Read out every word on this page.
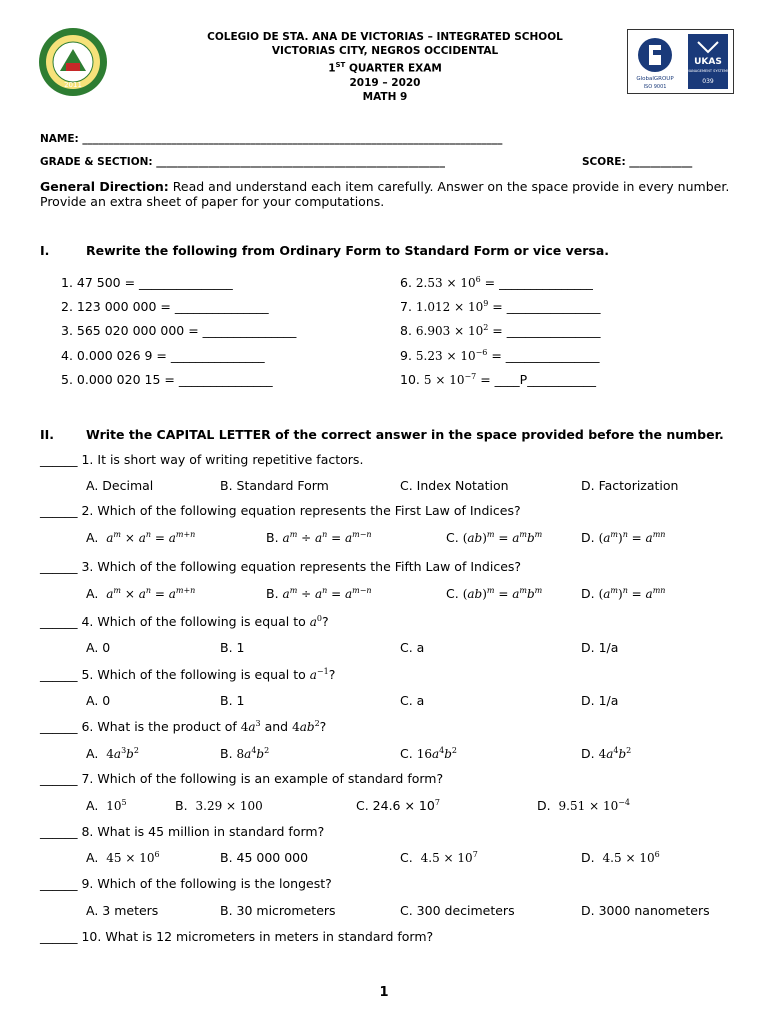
2011
COLEGIO DE STA. ANA DE VICTORIAS – INTEGRATED SCHOOL
VICTORIAS CITY, NEGROS OCCIDENTAL
1ST QUARTER EXAM
2019 – 2020
MATH 9
GlobalGROUP
ISO 9001
UKAS
MANAGEMENT SYSTEMS
039
NAME: ________________________________________________________________________________
GRADE & SECTION: _______________________________________________________	SCORE: ____________
General Direction: Read and understand each item carefully. Answer on the space provide in every number. Provide an extra sheet of paper for your computations.
I.	Rewrite the following from Ordinary Form to Standard Form or vice versa.
1. 47 500 = _______________
2. 123 000 000 = _______________
3. 565 020 000 000 = _______________
4. 0.000 026 9 = _______________
5. 0.000 020 15 = _______________
6. $2.53 \times 10^6$ = _______________
7. $1.012 \times 10^9$ = _______________
8. $6.903 \times 10^2$ = _______________
9. $5.23 \times 10^{-6}$ = _______________
10. $5 \times 10^{-7}$ = ____P___________
II.	Write the CAPITAL LETTER of the correct answer in the space provided before the number.
______ 1. It is short way of writing repetitive factors.
A. Decimal	B. Standard Form	C. Index Notation	D. Factorization
______ 2. Which of the following equation represents the First Law of Indices?
A.  $a^m \times a^n = a^{m+n}$	B. $a^m \div a^n = a^{m-n}$	C. $(ab)^m = a^mb^m$	D. $(a^m)^n = a^{mn}$
______ 3. Which of the following equation represents the Fifth Law of Indices?
A.  $a^m \times a^n = a^{m+n}$	B. $a^m \div a^n = a^{m-n}$	C. $(ab)^m = a^mb^m$	D. $(a^m)^n = a^{mn}$
______ 4. Which of the following is equal to $a^0$?
A. 0	B. 1	C. a	D. 1/a
______ 5. Which of the following is equal to $a^{-1}$?
A. 0	B. 1	C. a	D. 1/a
______ 6. What is the product of $4a^3$ and $4ab^2$?
A.  $4a^3b^2$	B. $8a^4b^2$	C. $16a^4b^2$	D. $4a^4b^2$
______ 7. Which of the following is an example of standard form?
A.  $10^5$	B.  3.29 × 100	C. $24.6 \times 10^7$	D.  $9.51 \times 10^{-4}$
______ 8. What is 45 million in standard form?
A.  $45 \times 10^6$	B. 45 000 000	C.  $4.5 \times 10^7$	D.  $4.5 \times 10^6$
______ 9. Which of the following is the longest?
A. 3 meters	B. 30 micrometers	C. 300 decimeters	D. 3000 nanometers
______ 10. What is 12 micrometers in meters in standard form?
1
